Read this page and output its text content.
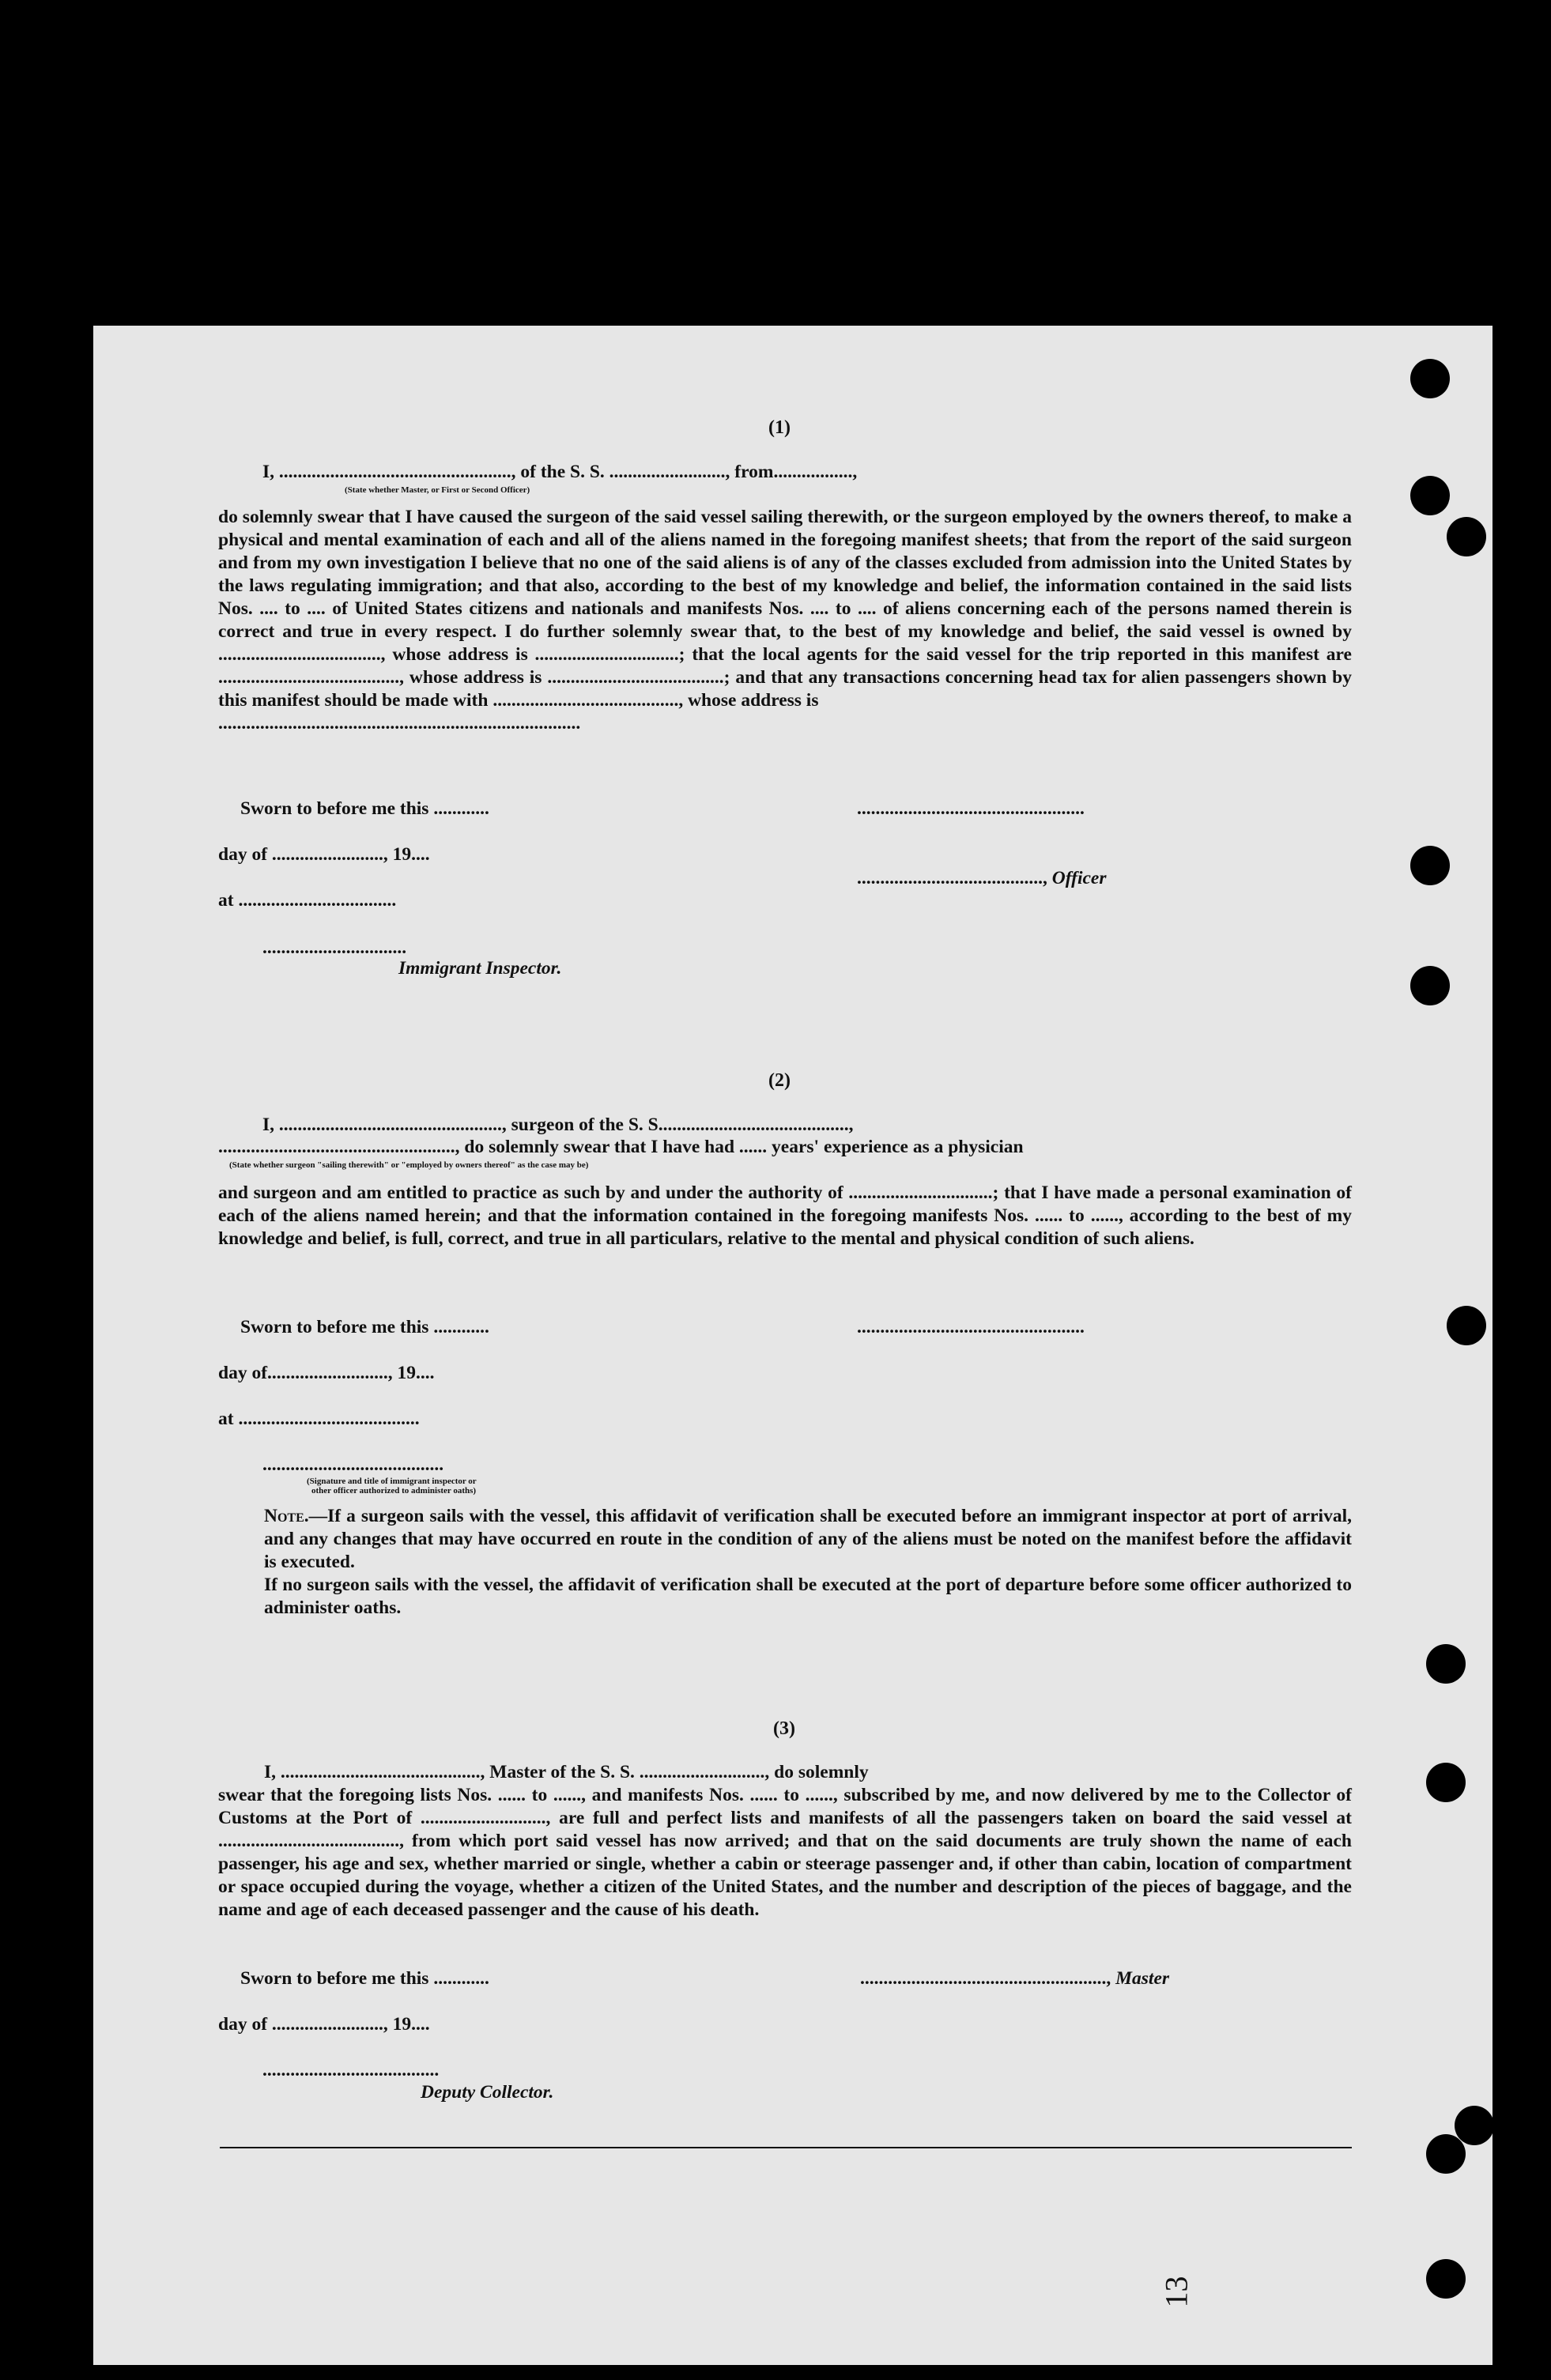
(1)
I, .................................................., of the S. S. ........................., from.................,
(State whether Master, or First or Second Officer)

do solemnly swear that I have caused the surgeon of the said vessel sailing therewith, or the surgeon employed by the owners thereof, to make a physical and mental examination of each and all of the aliens named in the foregoing manifest sheets; that from the report of the said surgeon and from my own investigation I believe that no one of the said aliens is of any of the classes excluded from admission into the United States by the laws regulating immigration; and that also, according to the best of my knowledge and belief, the information contained in the said lists Nos. .... to .... of United States citizens and nationals and manifests Nos. .... to .... of aliens concerning each of the persons named therein is correct and true in every respect. I do further solemnly swear that, to the best of my knowledge and belief, the said vessel is owned by ..................................., whose address is ...............................; that the local agents for the said vessel for the trip reported in this manifest are ......................................., whose address is ......................................; and that any transactions concerning head tax for alien passengers shown by this manifest should be made with ........................................, whose address is

..............................................................................

Sworn to before me this ............	.................................................
day of ........................, 19....
........................................, Officer
at ..................................
...............................
Immigrant Inspector.
(2)
I, ................................................, surgeon of the S. S.........................................,
..................................................., do solemnly swear that I have had ...... years' experience as a physician
(State whether surgeon "sailing therewith" or "employed by owners thereof" as the case may be)

and surgeon and am entitled to practice as such by and under the authority of ...............................; that I have made a personal examination of each of the aliens named herein; and that the information contained in the foregoing manifests Nos. ...... to ......, according to the best of my knowledge and belief, is full, correct, and true in all particulars, relative to the mental and physical condition of such aliens.

Sworn to before me this ............	.................................................
day of.........................., 19....
at .......................................
.......................................
(Signature and title of immigrant inspector or
other officer authorized to administer oaths)

Note.—If a surgeon sails with the vessel, this affidavit of verification shall be executed before an immigrant inspector at port of arrival, and any changes that may have occurred en route in the condition of any of the aliens must be noted on the manifest before the affidavit is executed.

If no surgeon sails with the vessel, the affidavit of verification shall be executed at the port of departure before some officer authorized to administer oaths.

(3)

I, ..........................................., Master of the S. S. ..........................., do solemnly

swear that the foregoing lists Nos. ...... to ......, and manifests Nos. ...... to ......, subscribed by me, and now delivered by me to the Collector of Customs at the Port of ..........................., are full and perfect lists and manifests of all the passengers taken on board the said vessel at ......................................., from which port said vessel has now arrived; and that on the said documents are truly shown the name of each passenger, his age and sex, whether married or single, whether a cabin or steerage passenger and, if other than cabin, location of compartment or space occupied during the voyage, whether a citizen of the United States, and the number and description of the pieces of baggage, and the name and age of each deceased passenger and the cause of his death.

Sworn to before me this ............	....................................................., Master
day of ........................, 19....
......................................
Deputy Collector.
13
